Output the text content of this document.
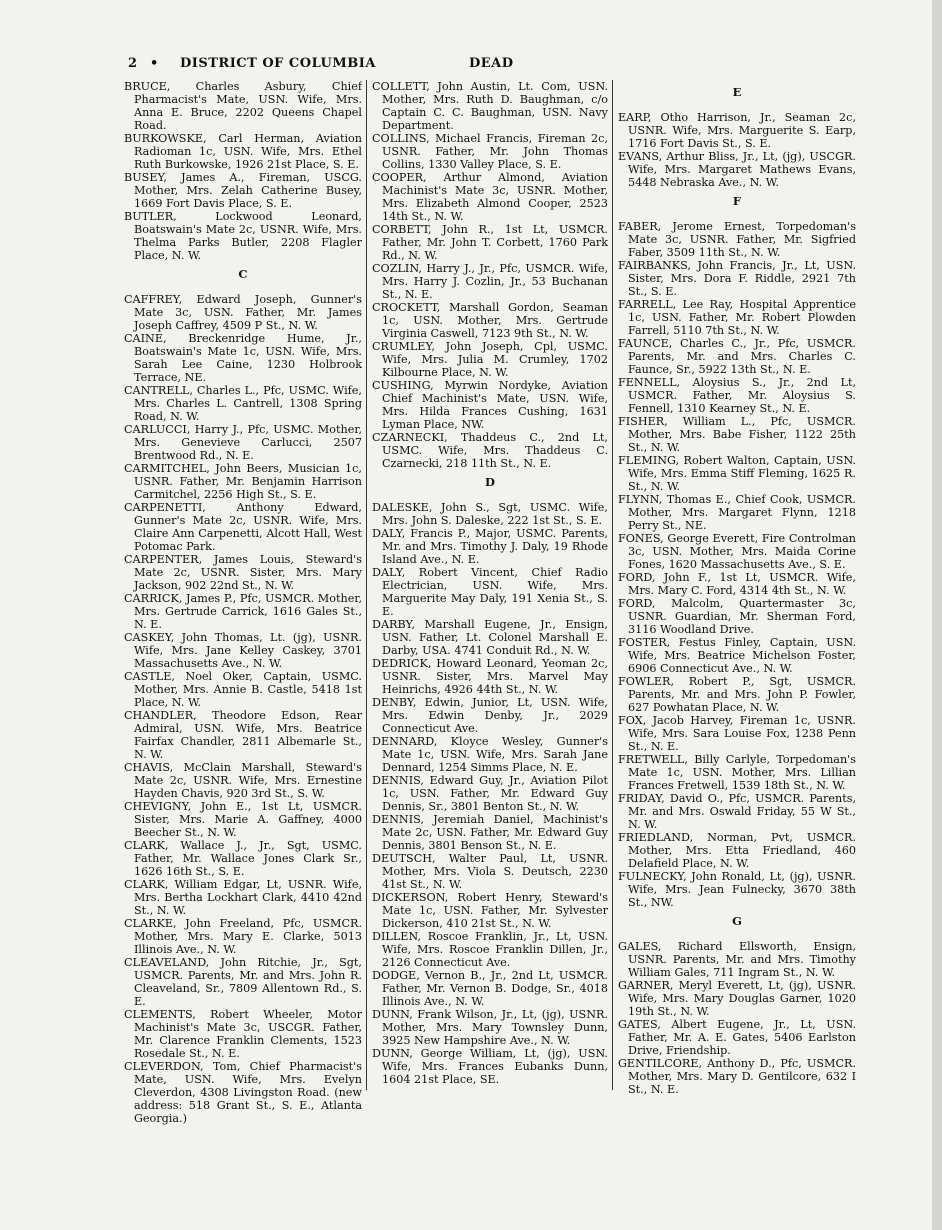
2 • DISTRICT OF COLUMBIA	DEAD

BRUCE, Charles Asbury, Chief Pharmacist's Mate, USN. Wife, Mrs. Anna E. Bruce, 2202 Queens Chapel Road.

BURKOWSKE, Carl Herman, Aviation Radioman 1c, USN. Wife, Mrs. Ethel Ruth Burkowske, 1926 21st Place, S. E.

BUSEY, James A., Fireman, USCG. Mother, Mrs. Zelah Catherine Busey, 1669 Fort Davis Place, S. E.

BUTLER, Lockwood Leonard, Boatswain's Mate 2c, USNR. Wife, Mrs. Thelma Parks Butler, 2208 Flagler Place, N. W.

C

CAFFREY, Edward Joseph, Gunner's Mate 3c, USN. Father, Mr. James Joseph Caffrey, 4509 P St., N. W.

CAINE, Breckenridge Hume, Jr., Boatswain's Mate 1c, USN. Wife, Mrs. Sarah Lee Caine, 1230 Holbrook Terrace, NE.

CANTRELL, Charles L., Pfc, USMC. Wife, Mrs. Charles L. Cantrell, 1308 Spring Road, N. W.

CARLUCCI, Harry J., Pfc, USMC. Mother, Mrs. Genevieve Carlucci, 2507 Brentwood Rd., N. E.

CARMITCHEL, John Beers, Musician 1c, USNR. Father, Mr. Benjamin Harrison Carmitchel, 2256 High St., S. E.

CARPENETTI, Anthony Edward, Gunner's Mate 2c, USNR. Wife, Mrs. Claire Ann Carpenetti, Alcott Hall, West Potomac Park.

CARPENTER, James Louis, Steward's Mate 2c, USNR. Sister, Mrs. Mary Jackson, 902 22nd St., N. W.

CARRICK, James P., Pfc, USMCR. Mother, Mrs. Gertrude Carrick, 1616 Gales St., N. E.

CASKEY, John Thomas, Lt. (jg), USNR. Wife, Mrs. Jane Kelley Caskey, 3701 Massachusetts Ave., N. W.

CASTLE, Noel Oker, Captain, USMC. Mother, Mrs. Annie B. Castle, 5418 1st Place, N. W.

CHANDLER, Theodore Edson, Rear Admiral, USN. Wife, Mrs. Beatrice Fairfax Chandler, 2811 Albemarle St., N. W.

CHAVIS, McClain Marshall, Steward's Mate 2c, USNR. Wife, Mrs. Ernestine Hayden Chavis, 920 3rd St., S. W.

CHEVIGNY, John E., 1st Lt, USMCR. Sister, Mrs. Marie A. Gaffney, 4000 Beecher St., N. W.

CLARK, Wallace J., Jr., Sgt, USMC. Father, Mr. Wallace Jones Clark Sr., 1626 16th St., S. E.

CLARK, William Edgar, Lt, USNR. Wife, Mrs. Bertha Lockhart Clark, 4410 42nd St., N. W.

CLARKE, John Freeland, Pfc, USMCR. Mother, Mrs. Mary E. Clarke, 5013 Illinois Ave., N. W.

CLEAVELAND, John Ritchie, Jr., Sgt, USMCR. Parents, Mr. and Mrs. John R. Cleaveland, Sr., 7809 Allentown Rd., S. E.

CLEMENTS, Robert Wheeler, Motor Machinist's Mate 3c, USCGR. Father, Mr. Clarence Franklin Clements, 1523 Rosedale St., N. E.

CLEVERDON, Tom, Chief Pharmacist's Mate, USN. Wife, Mrs. Evelyn Cleverdon, 4308 Livingston Road. (new address: 518 Grant St., S. E., Atlanta Georgia.)

COLLETT, John Austin, Lt. Com, USN. Mother, Mrs. Ruth D. Baughman, c/o Captain C. C. Baughman, USN. Navy Department.

COLLINS, Michael Francis, Fireman 2c, USNR. Father, Mr. John Thomas Collins, 1330 Valley Place, S. E.

COOPER, Arthur Almond, Aviation Machinist's Mate 3c, USNR. Mother, Mrs. Elizabeth Almond Cooper, 2523 14th St., N. W.

CORBETT, John R., 1st Lt, USMCR. Father, Mr. John T. Corbett, 1760 Park Rd., N. W.

COZLIN, Harry J., Jr., Pfc, USMCR. Wife, Mrs. Harry J. Cozlin, Jr., 53 Buchanan St., N. E.

CROCKETT, Marshall Gordon, Seaman 1c, USN. Mother, Mrs. Gertrude Virginia Caswell, 7123 9th St., N. W.

CRUMLEY, John Joseph, Cpl, USMC. Wife, Mrs. Julia M. Crumley, 1702 Kilbourne Place, N. W.

CUSHING, Myrwin Nordyke, Aviation Chief Machinist's Mate, USN. Wife, Mrs. Hilda Frances Cushing, 1631 Lyman Place, NW.

CZARNECKI, Thaddeus C., 2nd Lt, USMC. Wife, Mrs. Thaddeus C. Czarnecki, 218 11th St., N. E.

D

DALESKE, John S., Sgt, USMC. Wife, Mrs. John S. Daleske, 222 1st St., S. E.

DALY, Francis P., Major, USMC. Parents, Mr. and Mrs. Timothy J. Daly, 19 Rhode Island Ave., N. E.

DALY, Robert Vincent, Chief Radio Electrician, USN. Wife, Mrs. Marguerite May Daly, 191 Xenia St., S. E.

DARBY, Marshall Eugene, Jr., Ensign, USN. Father, Lt. Colonel Marshall E. Darby, USA. 4741 Conduit Rd., N. W.

DEDRICK, Howard Leonard, Yeoman 2c, USNR. Sister, Mrs. Marvel May Heinrichs, 4926 44th St., N. W.

DENBY, Edwin, Junior, Lt, USN. Wife, Mrs. Edwin Denby, Jr., 2029 Connecticut Ave.

DENNARD, Kloyce Wesley, Gunner's Mate 1c, USN. Wife, Mrs. Sarah Jane Dennard, 1254 Simms Place, N. E.

DENNIS, Edward Guy, Jr., Aviation Pilot 1c, USN. Father, Mr. Edward Guy Dennis, Sr., 3801 Benton St., N. W.

DENNIS, Jeremiah Daniel, Machinist's Mate 2c, USN. Father, Mr. Edward Guy Dennis, 3801 Benson St., N. E.

DEUTSCH, Walter Paul, Lt, USNR. Mother, Mrs. Viola S. Deutsch, 2230 41st St., N. W.

DICKERSON, Robert Henry, Steward's Mate 1c, USN. Father, Mr. Sylvester Dickerson, 410 21st St., N. W.

DILLEN, Roscoe Franklin, Jr., Lt, USN. Wife, Mrs. Roscoe Franklin Dillen, Jr., 2126 Connecticut Ave.

DODGE, Vernon B., Jr., 2nd Lt, USMCR. Father, Mr. Vernon B. Dodge, Sr., 4018 Illinois Ave., N. W.

DUNN, Frank Wilson, Jr., Lt, (jg), USNR. Mother, Mrs. Mary Townsley Dunn, 3925 New Hampshire Ave., N. W.

DUNN, George William, Lt, (jg), USN. Wife, Mrs. Frances Eubanks Dunn, 1604 21st Place, SE.

E

EARP, Otho Harrison, Jr., Seaman 2c, USNR. Wife, Mrs. Marguerite S. Earp, 1716 Fort Davis St., S. E.

EVANS, Arthur Bliss, Jr., Lt, (jg), USCGR. Wife, Mrs. Margaret Mathews Evans, 5448 Nebraska Ave., N. W.

F

FABER, Jerome Ernest, Torpedoman's Mate 3c, USNR. Father, Mr. Sigfried Faber, 3509 11th St., N. W.

FAIRBANKS, John Francis, Jr., Lt, USN. Sister, Mrs. Dora F. Riddle, 2921 7th St., S. E.

FARRELL, Lee Ray, Hospital Apprentice 1c, USN. Father, Mr. Robert Plowden Farrell, 5110 7th St., N. W.

FAUNCE, Charles C., Jr., Pfc, USMCR. Parents, Mr. and Mrs. Charles C. Faunce, Sr., 5922 13th St., N. E.

FENNELL, Aloysius S., Jr., 2nd Lt, USMCR. Father, Mr. Aloysius S. Fennell, 1310 Kearney St., N. E.

FISHER, William L., Pfc, USMCR. Mother, Mrs. Babe Fisher, 1122 25th St., N. W.

FLEMING, Robert Walton, Captain, USN. Wife, Mrs. Emma Stiff Fleming, 1625 R. St., N. W.

FLYNN, Thomas E., Chief Cook, USMCR. Mother, Mrs. Margaret Flynn, 1218 Perry St., NE.

FONES, George Everett, Fire Controlman 3c, USN. Mother, Mrs. Maida Corine Fones, 1620 Massachusetts Ave., S. E.

FORD, John F., 1st Lt, USMCR. Wife, Mrs. Mary C. Ford, 4314 4th St., N. W.

FORD, Malcolm, Quartermaster 3c, USNR. Guardian, Mr. Sherman Ford, 3116 Woodland Drive.

FOSTER, Festus Finley, Captain, USN. Wife, Mrs. Beatrice Michelson Foster, 6906 Connecticut Ave., N. W.

FOWLER, Robert P., Sgt, USMCR. Parents, Mr. and Mrs. John P. Fowler, 627 Powhatan Place, N. W.

FOX, Jacob Harvey, Fireman 1c, USNR. Wife, Mrs. Sara Louise Fox, 1238 Penn St., N. E.

FRETWELL, Billy Carlyle, Torpedoman's Mate 1c, USN. Mother, Mrs. Lillian Frances Fretwell, 1539 18th St., N. W.

FRIDAY, David O., Pfc, USMCR. Parents, Mr. and Mrs. Oswald Friday, 55 W St., N. W.

FRIEDLAND, Norman, Pvt, USMCR. Mother, Mrs. Etta Friedland, 460 Delafield Place, N. W.

FULNECKY, John Ronald, Lt, (jg), USNR. Wife, Mrs. Jean Fulnecky, 3670 38th St., NW.

G

GALES, Richard Ellsworth, Ensign, USNR. Parents, Mr. and Mrs. Timothy William Gales, 711 Ingram St., N. W.

GARNER, Meryl Everett, Lt, (jg), USNR. Wife, Mrs. Mary Douglas Garner, 1020 19th St., N. W.

GATES, Albert Eugene, Jr., Lt, USN. Father, Mr. A. E. Gates, 5406 Earlston Drive, Friendship.

GENTILCORE, Anthony D., Pfc, USMCR. Mother, Mrs. Mary D. Gentilcore, 632 I St., N. E.
